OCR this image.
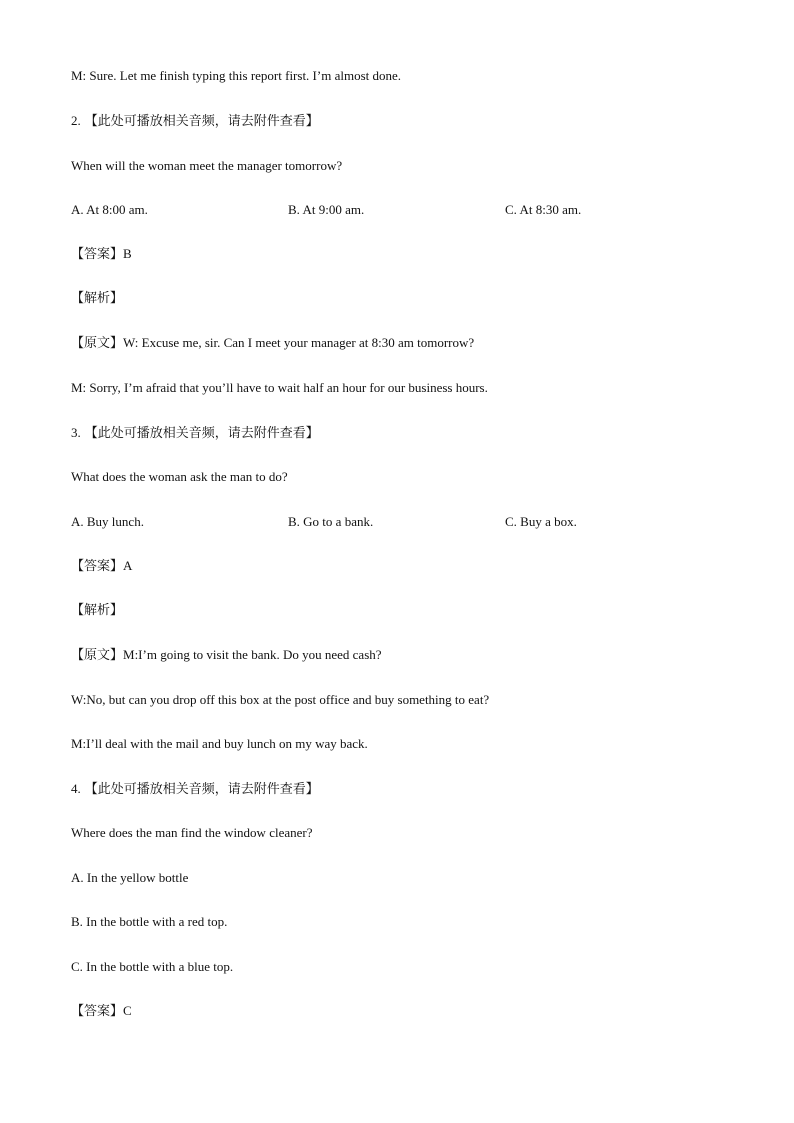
M: Sure. Let me finish typing this report first. I’m almost done.
2. 【此处可播放相关音频，请去附件查看】
When will the woman meet the manager tomorrow?
A. At 8:00 am.	B. At 9:00 am.	C. At 8:30 am.
【答案】B
【解析】
【原文】W: Excuse me, sir. Can I meet your manager at 8:30 am tomorrow?
M: Sorry, I’m afraid that you’ll have to wait half an hour for our business hours.
3. 【此处可播放相关音频，请去附件查看】
What does the woman ask the man to do?
A. Buy lunch.	B. Go to a bank.	C. Buy a box.
【答案】A
【解析】
【原文】M:I’m going to visit the bank. Do you need cash?
W:No, but can you drop off this box at the post office and buy something to eat?
M:I’ll deal with the mail and buy lunch on my way back.
4. 【此处可播放相关音频，请去附件查看】
Where does the man find the window cleaner?
A. In the yellow bottle
B. In the bottle with a red top.
C. In the bottle with a blue top.
【答案】C
